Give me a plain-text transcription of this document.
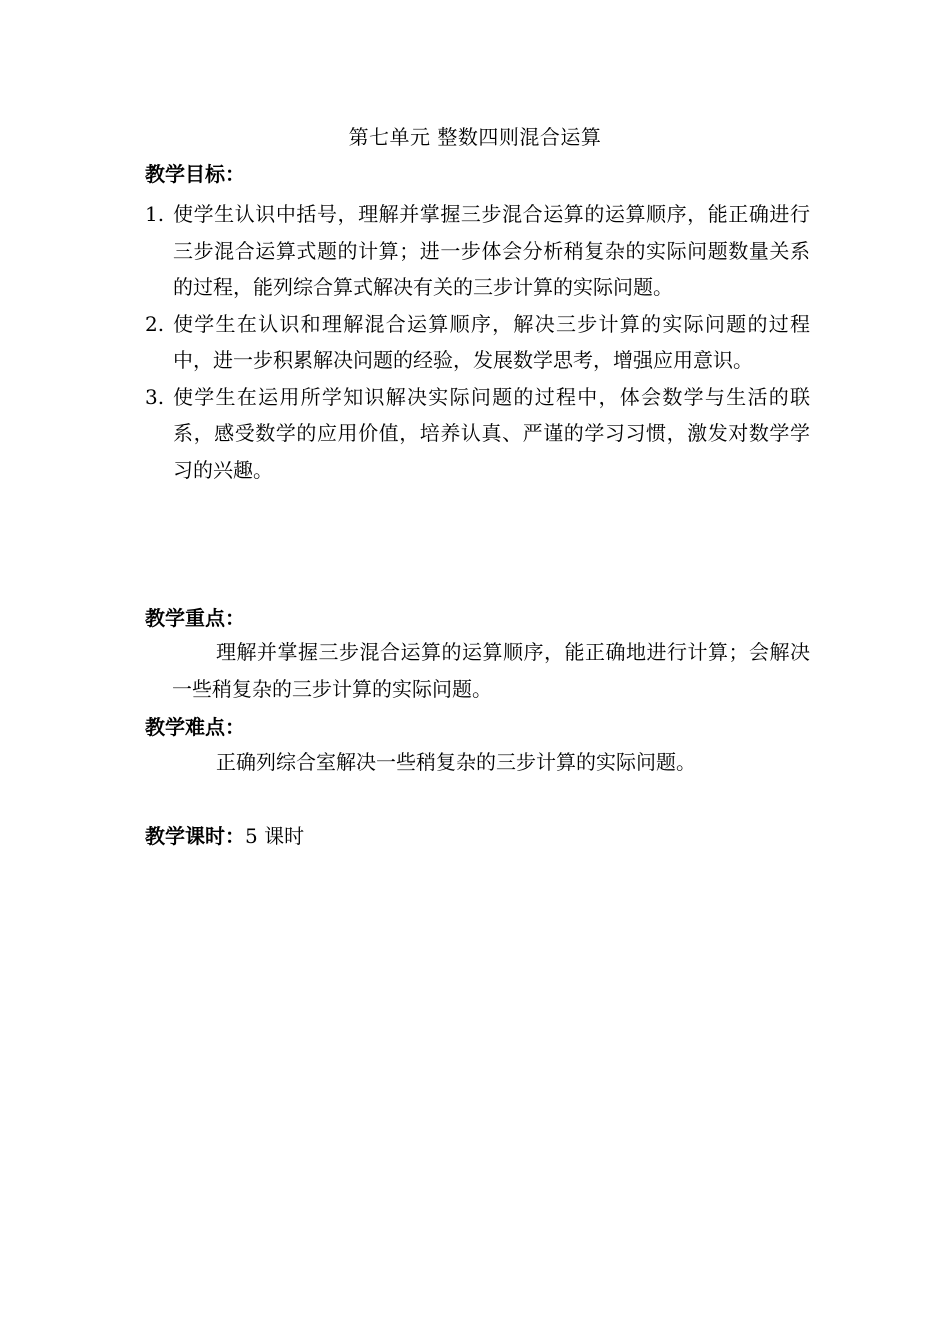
第七单元 整数四则混合运算
教学目标：
1. 使学生认识中括号，理解并掌握三步混合运算的运算顺序，能正确进行三步混合运算式题的计算；进一步体会分析稍复杂的实际问题数量关系的过程，能列综合算式解决有关的三步计算的实际问题。
2. 使学生在认识和理解混合运算顺序，解决三步计算的实际问题的过程中，进一步积累解决问题的经验，发展数学思考，增强应用意识。
3. 使学生在运用所学知识解决实际问题的过程中，体会数学与生活的联系，感受数学的应用价值，培养认真、严谨的学习习惯，激发对数学学习的兴趣。
教学重点：
理解并掌握三步混合运算的运算顺序，能正确地进行计算；会解决一些稍复杂的三步计算的实际问题。
教学难点：
正确列综合室解决一些稍复杂的三步计算的实际问题。
教学课时：5 课时
